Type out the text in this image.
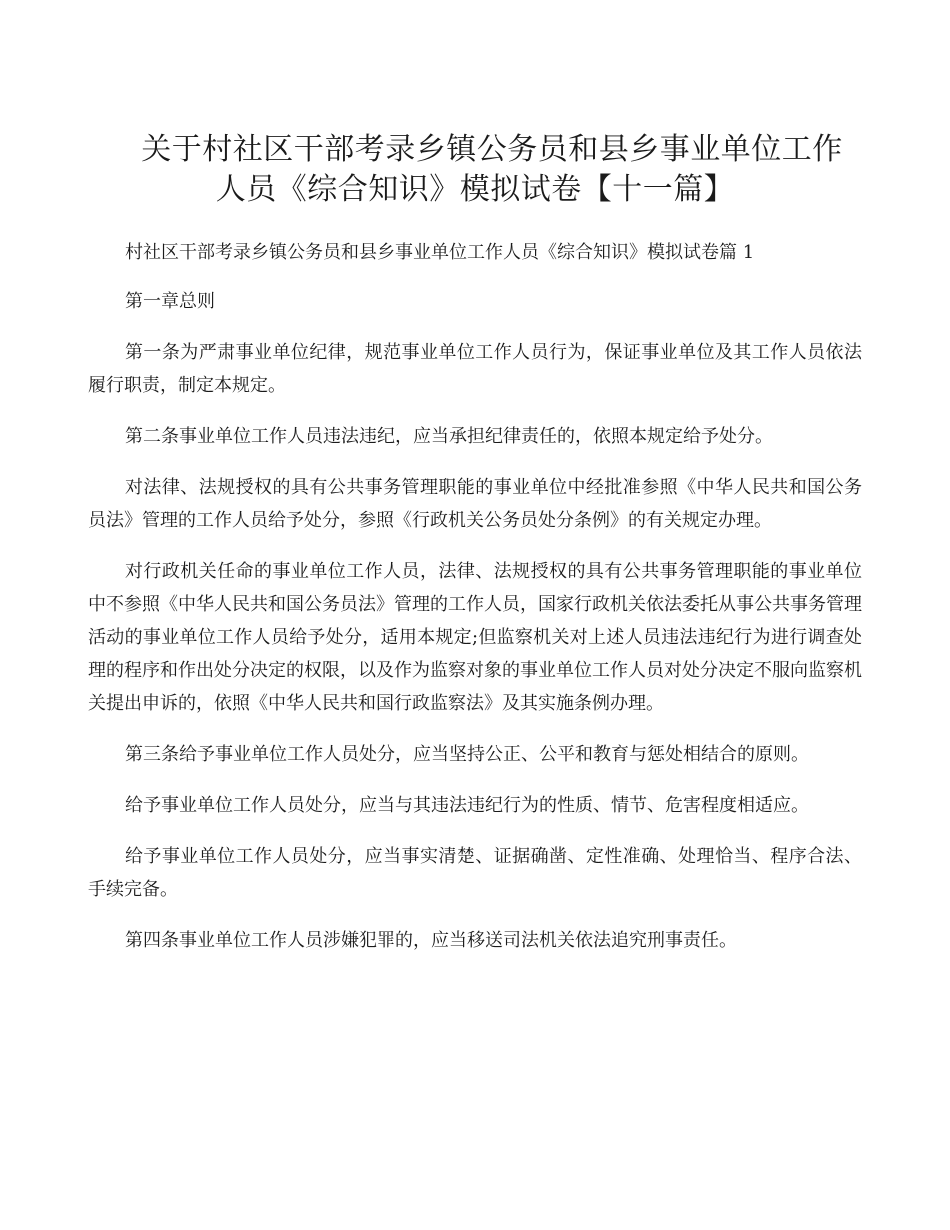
关于村社区干部考录乡镇公务员和县乡事业单位工作
人员《综合知识》模拟试卷【十一篇】

村社区干部考录乡镇公务员和县乡事业单位工作人员《综合知识》模拟试卷篇 1

第一章总则

第一条为严肃事业单位纪律，规范事业单位工作人员行为，保证事业单位及其工作人员依法履行职责，制定本规定。

第二条事业单位工作人员违法违纪，应当承担纪律责任的，依照本规定给予处分。

对法律、法规授权的具有公共事务管理职能的事业单位中经批准参照《中华人民共和国公务员法》管理的工作人员给予处分，参照《行政机关公务员处分条例》的有关规定办理。

对行政机关任命的事业单位工作人员，法律、法规授权的具有公共事务管理职能的事业单位中不参照《中华人民共和国公务员法》管理的工作人员，国家行政机关依法委托从事公共事务管理活动的事业单位工作人员给予处分，适用本规定;但监察机关对上述人员违法违纪行为进行调查处理的程序和作出处分决定的权限，以及作为监察对象的事业单位工作人员对处分决定不服向监察机关提出申诉的，依照《中华人民共和国行政监察法》及其实施条例办理。

第三条给予事业单位工作人员处分，应当坚持公正、公平和教育与惩处相结合的原则。

给予事业单位工作人员处分，应当与其违法违纪行为的性质、情节、危害程度相适应。

给予事业单位工作人员处分，应当事实清楚、证据确凿、定性准确、处理恰当、程序合法、手续完备。

第四条事业单位工作人员涉嫌犯罪的，应当移送司法机关依法追究刑事责任。
